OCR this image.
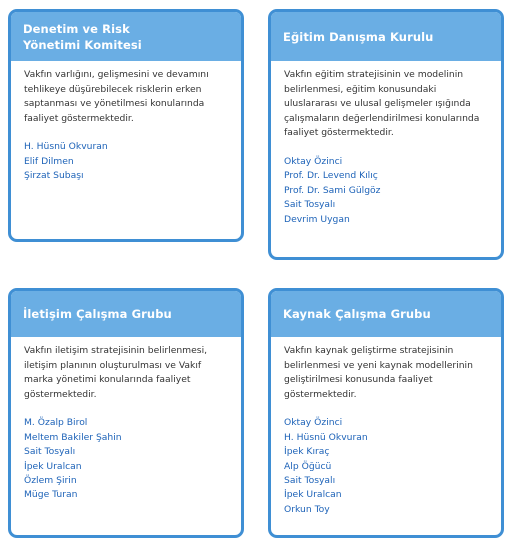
Denetim ve Risk
Yönetimi Komitesi

Vakfın varlığını, gelişmesini ve devamını tehlikeye düşürebilecek risklerin erken saptanması ve yönetilmesi konularında faaliyet göstermektedir.

H. Hüsnü Okvuran
Elif Dilmen
Şirzat Subaşı
Eğitim Danışma Kurulu

Vakfın eğitim stratejisinin ve modelinin belirlenmesi, eğitim konusundaki uluslararası ve ulusal gelişmeler ışığında çalışmaların değerlendirilmesi konularında faaliyet göstermektedir.

Oktay Özinci
Prof. Dr. Levend Kılıç
Prof. Dr. Sami Gülgöz
Sait Tosyalı
Devrim Uygan
İletişim Çalışma Grubu

Vakfın iletişim stratejisinin belirlenmesi, iletişim planının oluşturulması ve Vakıf marka yönetimi konularında faaliyet göstermektedir.

M. Özalp Birol
Meltem Bakiler Şahin
Sait Tosyalı
İpek Uralcan
Özlem Şirin
Müge Turan
Kaynak Çalışma Grubu

Vakfın kaynak geliştirme stratejisinin belirlenmesi ve yeni kaynak modellerinin geliştirilmesi konusunda faaliyet göstermektedir.

Oktay Özinci
H. Hüsnü Okvuran
İpek Kıraç
Alp Öğücü
Sait Tosyalı
İpek Uralcan
Orkun Toy
